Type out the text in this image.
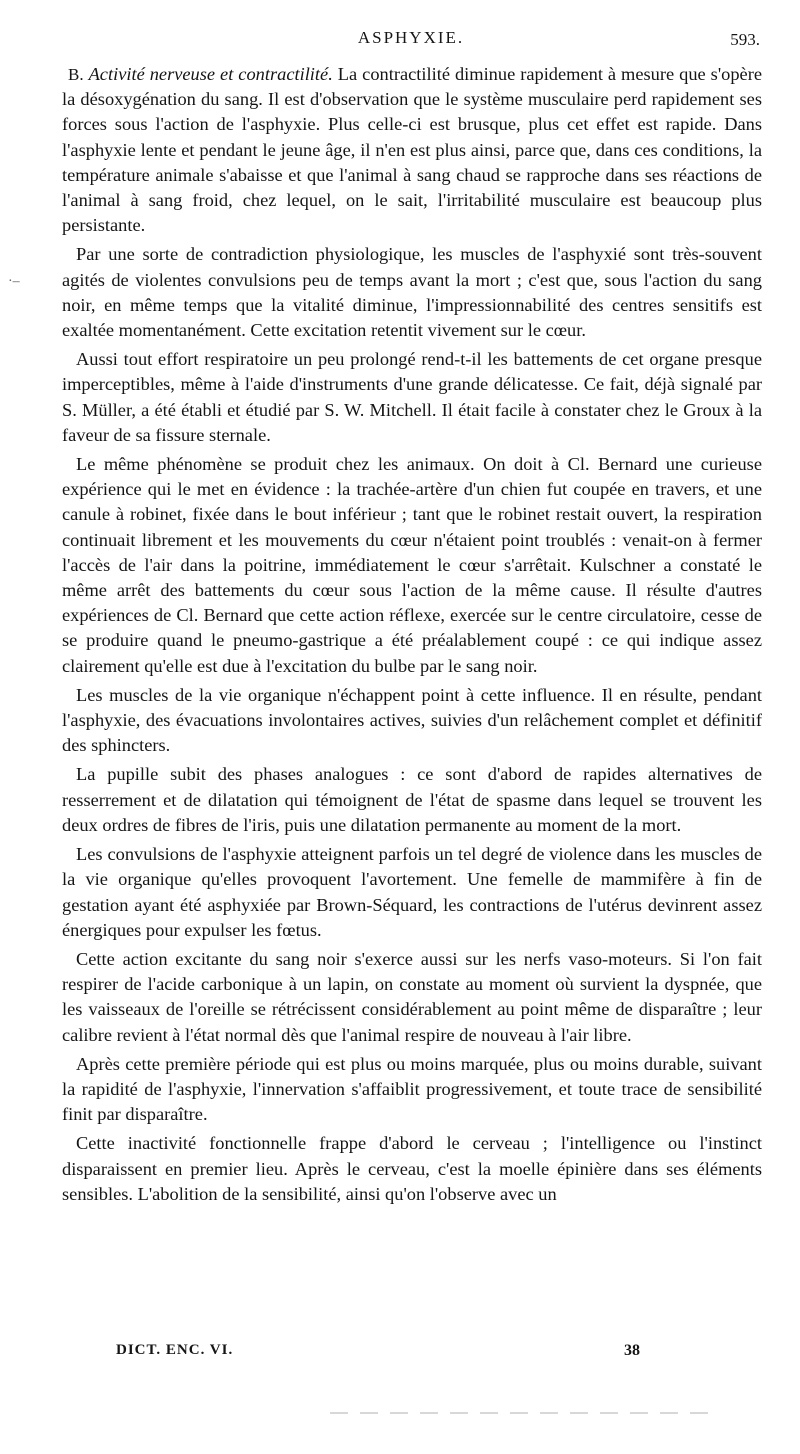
ASPHYXIE.	593.
·–

B. Activité nerveuse et contractilité. La contractilité diminue rapidement à mesure que s'opère la désoxygénation du sang. Il est d'observation que le système musculaire perd rapidement ses forces sous l'action de l'asphyxie. Plus celle-ci est brusque, plus cet effet est rapide. Dans l'asphyxie lente et pendant le jeune âge, il n'en est plus ainsi, parce que, dans ces conditions, la température animale s'abaisse et que l'animal à sang chaud se rapproche dans ses réactions de l'animal à sang froid, chez lequel, on le sait, l'irritabilité musculaire est beaucoup plus persistante.

Par une sorte de contradiction physiologique, les muscles de l'asphyxié sont très-souvent agités de violentes convulsions peu de temps avant la mort ; c'est que, sous l'action du sang noir, en même temps que la vitalité diminue, l'impressionnabilité des centres sensitifs est exaltée momentanément. Cette excitation retentit vivement sur le cœur.

Aussi tout effort respiratoire un peu prolongé rend-t-il les battements de cet organe presque imperceptibles, même à l'aide d'instruments d'une grande délicatesse. Ce fait, déjà signalé par S. Müller, a été établi et étudié par S. W. Mitchell. Il était facile à constater chez le Groux à la faveur de sa fissure sternale.

Le même phénomène se produit chez les animaux. On doit à Cl. Bernard une curieuse expérience qui le met en évidence : la trachée-artère d'un chien fut coupée en travers, et une canule à robinet, fixée dans le bout inférieur ; tant que le robinet restait ouvert, la respiration continuait librement et les mouvements du cœur n'étaient point troublés : venait-on à fermer l'accès de l'air dans la poitrine, immédiatement le cœur s'arrêtait. Kulschner a constaté le même arrêt des battements du cœur sous l'action de la même cause. Il résulte d'autres expériences de Cl. Bernard que cette action réflexe, exercée sur le centre circulatoire, cesse de se produire quand le pneumo-gastrique a été préalablement coupé : ce qui indique assez clairement qu'elle est due à l'excitation du bulbe par le sang noir.

Les muscles de la vie organique n'échappent point à cette influence. Il en résulte, pendant l'asphyxie, des évacuations involontaires actives, suivies d'un relâchement complet et définitif des sphincters.

La pupille subit des phases analogues : ce sont d'abord de rapides alternatives de resserrement et de dilatation qui témoignent de l'état de spasme dans lequel se trouvent les deux ordres de fibres de l'iris, puis une dilatation permanente au moment de la mort.

Les convulsions de l'asphyxie atteignent parfois un tel degré de violence dans les muscles de la vie organique qu'elles provoquent l'avortement. Une femelle de mammifère à fin de gestation ayant été asphyxiée par Brown-Séquard, les contractions de l'utérus devinrent assez énergiques pour expulser les fœtus.

Cette action excitante du sang noir s'exerce aussi sur les nerfs vaso-moteurs. Si l'on fait respirer de l'acide carbonique à un lapin, on constate au moment où survient la dyspnée, que les vaisseaux de l'oreille se rétrécissent considérablement au point même de disparaître ; leur calibre revient à l'état normal dès que l'animal respire de nouveau à l'air libre.

Après cette première période qui est plus ou moins marquée, plus ou moins durable, suivant la rapidité de l'asphyxie, l'innervation s'affaiblit progressivement, et toute trace de sensibilité finit par disparaître.

Cette inactivité fonctionnelle frappe d'abord le cerveau ; l'intelligence ou l'instinct disparaissent en premier lieu. Après le cerveau, c'est la moelle épinière dans ses éléments sensibles. L'abolition de la sensibilité, ainsi qu'on l'observe avec un

DICT. ENC. VI.	38
